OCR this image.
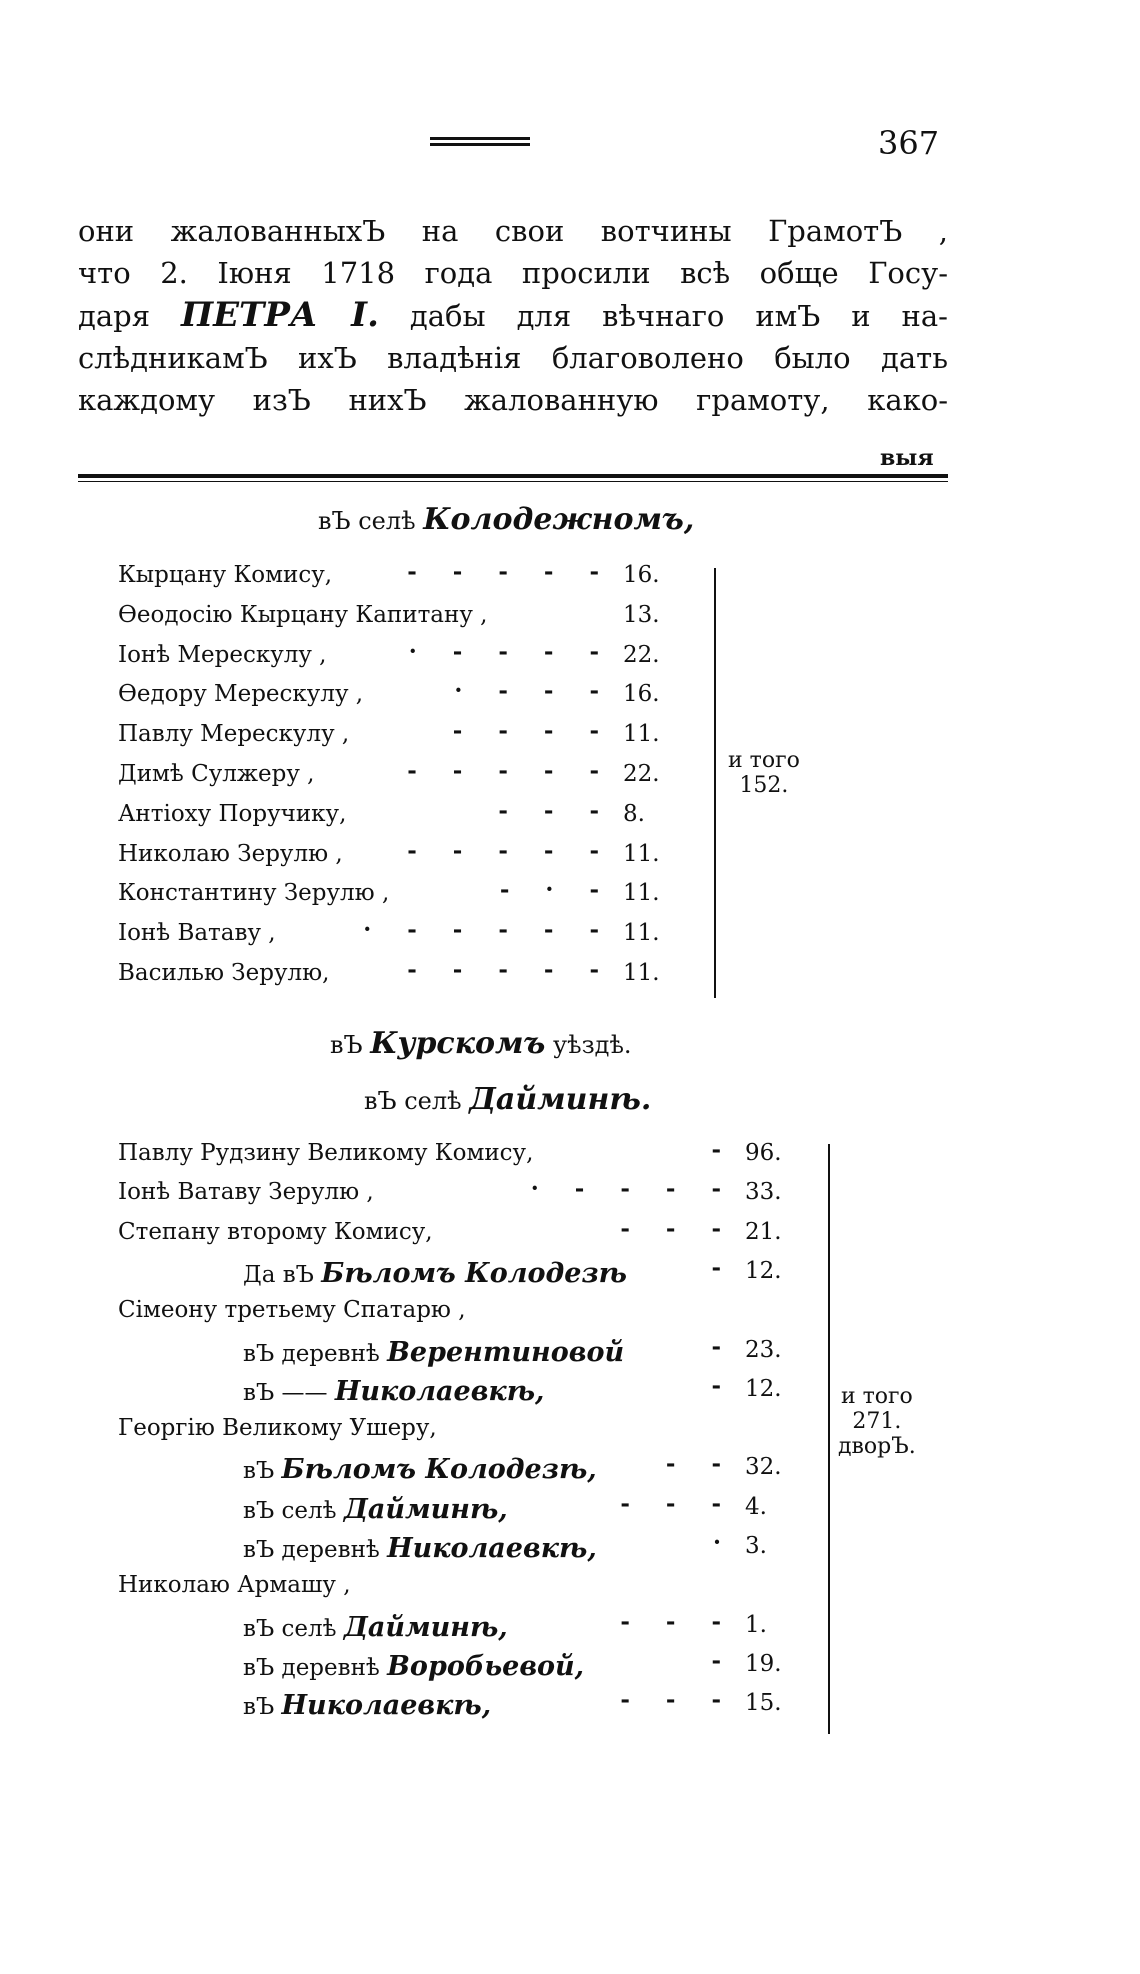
367
они жалованныхЪ на свои вотчины ГрамотЪ ,
что 2. Іюня 1718 года просили всѣ обще Госу-
даря ПЕТРА I. дабы для вѣчнаго имЪ и на-
слѣдникамЪ ихЪ владѣнія благоволено было дать
каждому изЪ нихЪ жалованную грамоту, како-
выя
вЪ селѣ Колодежномъ,
Кырцану Комису,	- - - - - 16.
Ѳеодосію Кырцану Капитану ,	13.
Іонѣ Мерескулу ,	· - - - - 22.
Ѳедору Мерескулу ,	· - - - 16.
Павлу Мерескулу ,	- - - - 11.
Димѣ Сулжеру ,	- - - - - 22.
Антіоху Поручику,	- - - 8.
Николаю Зерулю ,	- - - - - 11.
Константину Зерулю ,	- · - 11.
Іонѣ Ватаву ,	· - - - - - 11.
Василью Зерулю,	- - - - - 11.
и того
152.
вЪ Курскомъ уѣздѣ.
вЪ селѣ Дайминѣ.
Павлу Рудзину Великому Комису,	- 96.
Іонѣ Ватаву Зерулю ,	· - - - - 33.
Степану второму Комису,	- - - 21.
Да вЪ Бѣломъ Колодезѣ	- 12.
Сімеону третьему Спатарю ,
вЪ деревнѣ Верентиновой	- 23.
вЪ —— Николаевкѣ,	- 12.
Георгію Великому Ушеру,
вЪ Бѣломъ Колодезѣ,	- - 32.
вЪ селѣ Дайминѣ,	- - - 4.
вЪ деревнѣ Николаевкѣ,	· 3.
Николаю Армашу ,
вЪ селѣ Дайминѣ,	- - - 1.
вЪ деревнѣ Воробьевой,	- 19.
вЪ Николаевкѣ,	- - - 15.
и того
271.
дворЪ.
